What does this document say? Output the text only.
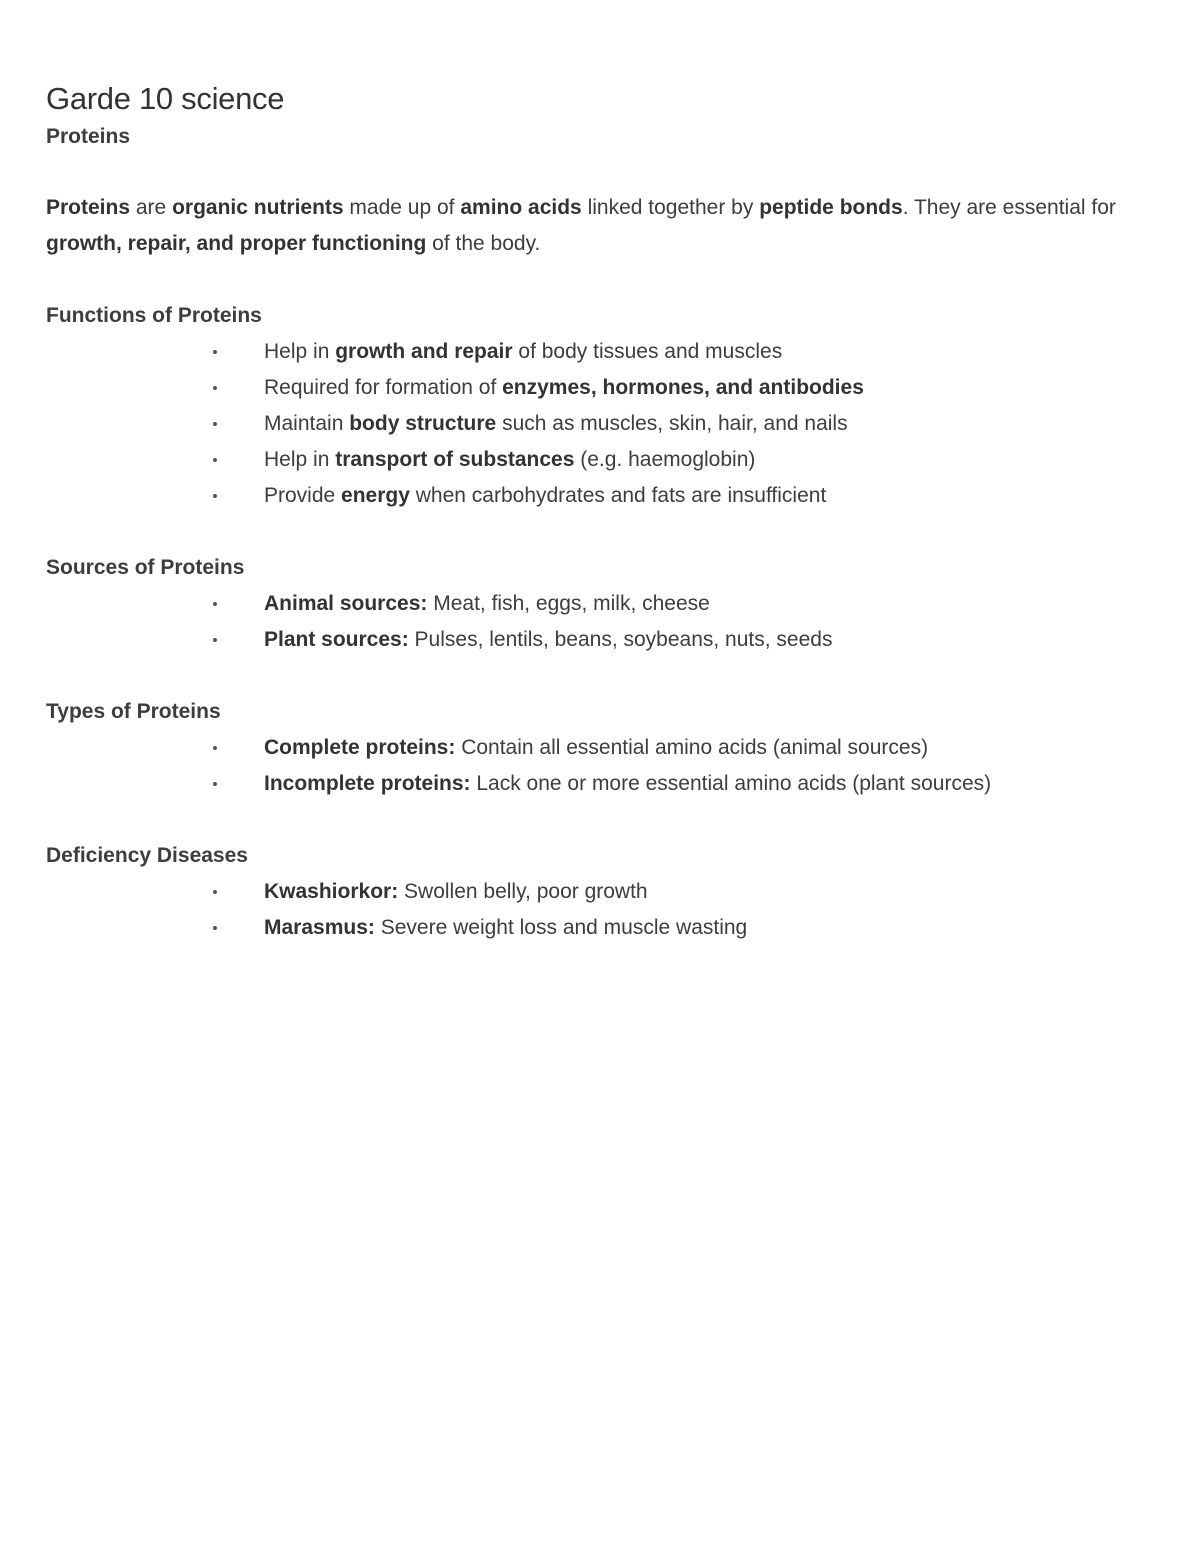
Garde 10 science
Proteins

Proteins are organic nutrients made up of amino acids linked together by peptide bonds. They are essential for growth, repair, and proper functioning of the body.

Functions of Proteins
Help in growth and repair of body tissues and muscles
Required for formation of enzymes, hormones, and antibodies
Maintain body structure such as muscles, skin, hair, and nails
Help in transport of substances (e.g. haemoglobin)
Provide energy when carbohydrates and fats are insufficient
Sources of Proteins
Animal sources: Meat, fish, eggs, milk, cheese
Plant sources: Pulses, lentils, beans, soybeans, nuts, seeds
Types of Proteins
Complete proteins: Contain all essential amino acids (animal sources)
Incomplete proteins: Lack one or more essential amino acids (plant sources)
Deficiency Diseases
Kwashiorkor: Swollen belly, poor growth
Marasmus: Severe weight loss and muscle wasting
